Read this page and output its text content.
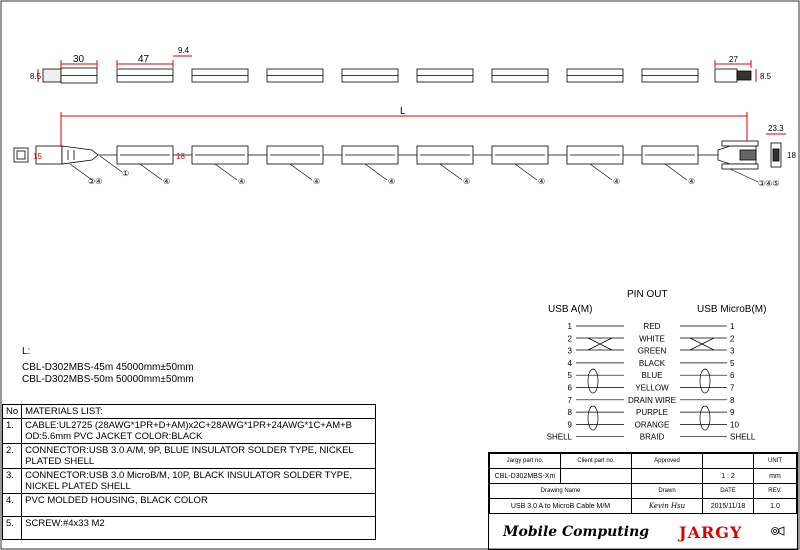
30	47
9.4
8.5
27
8.5
L
15	18
23.3
18
②④
①
④	④	④	④	④	④	④	④	③④⑤
PIN OUT
USB A(M)	USB MicroB(M)
1	RED	1
2	WHITE	2
3	GREEN	3
4	BLACK	5
5	BLUE	6
6	YELLOW	7
7	DRAIN WIRE	8
8	PURPLE	9
9	ORANGE	10
SHELL	BRAID	SHELL
L:
CBL-D302MBS-45m 45000mm±50mm
CBL-D302MBS-50m 50000mm±50mm
No	MATERIALS LIST:
1.	CABLE:UL2725 (28AWG*1PR+D+AM)x2C+28AWG*1PR+24AWG*1C+AM+B OD:5.6mm PVC JACKET COLOR:BLACK
2.	CONNECTOR:USB 3.0 A/M, 9P, BLUE INSULATOR SOLDER TYPE, NICKEL PLATED SHELL
3.	CONNECTOR:USB 3.0 MicroB/M, 10P, BLACK INSULATOR SOLDER TYPE, NICKEL PLATED SHELL
4.	PVC MOLDED HOUSING, BLACK COLOR
5.	SCREW:#4x33 M2
Jargy part no.	Client part no.	Approved		UNIT
CBL-D302MBS-Xm			1 : 2	mm
Drawing Name		Drawn	DATE	REV.
USB 3.0 A to MicroB Cable M/M		Kevin Hsu	2015/11/18	1.0
Mobile Computing JARGY
